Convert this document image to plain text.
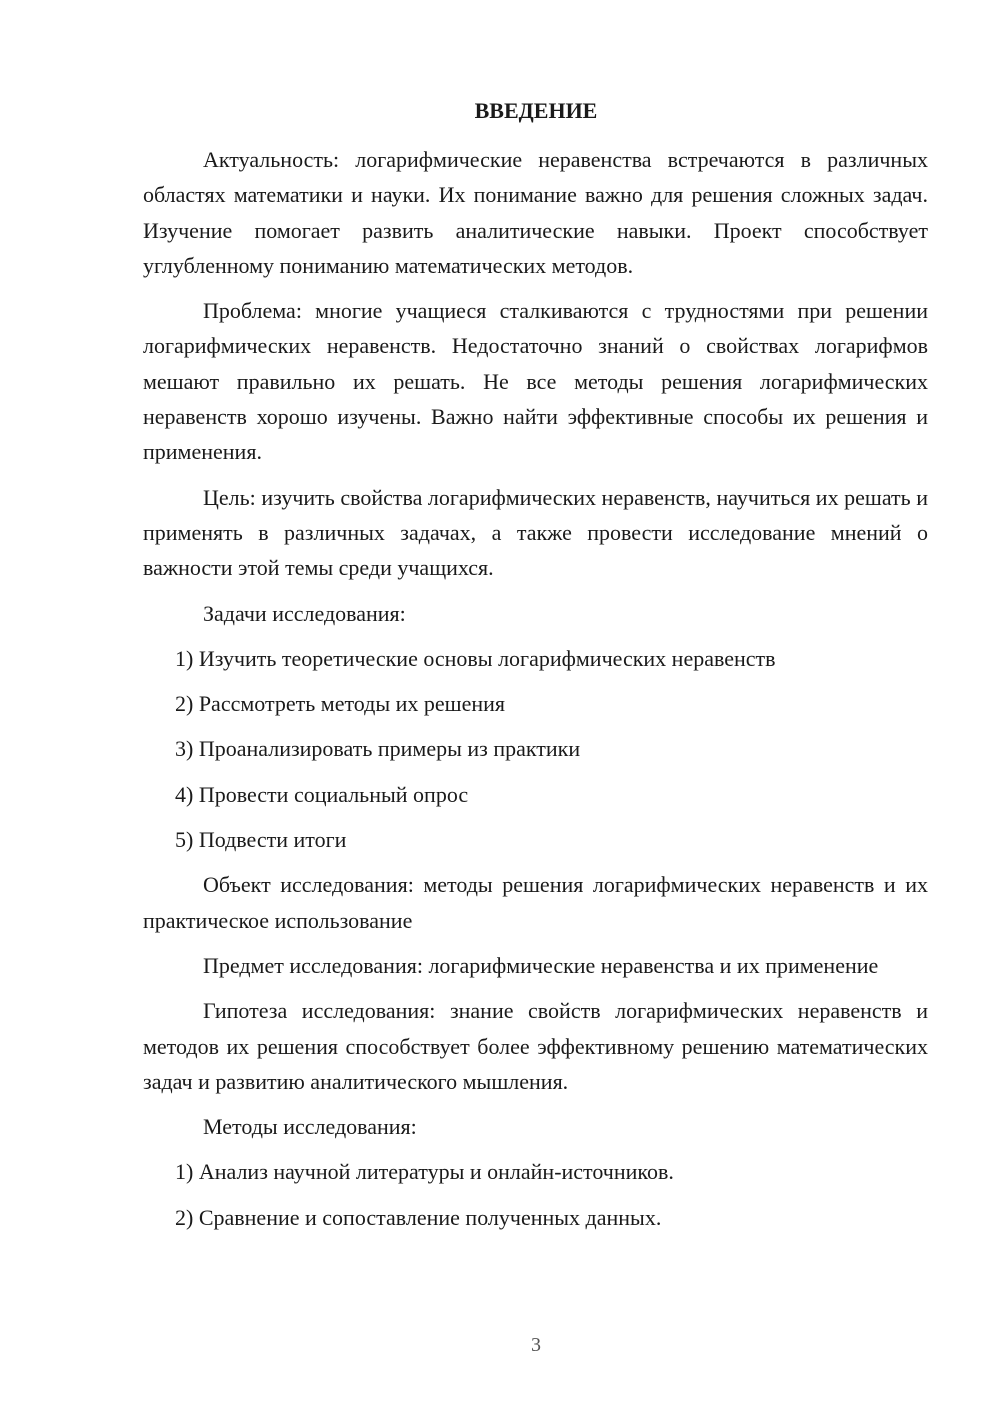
ВВЕДЕНИЕ

Актуальность: логарифмические неравенства встречаются в различных областях математики и науки. Их понимание важно для решения сложных задач. Изучение помогает развить аналитические навыки. Проект способствует углубленному пониманию математических методов.

Проблема: многие учащиеся сталкиваются с трудностями при решении логарифмических неравенств. Недостаточно знаний о свойствах логарифмов мешают правильно их решать. Не все методы решения логарифмических неравенств хорошо изучены. Важно найти эффективные способы их решения и применения.

Цель: изучить свойства логарифмических неравенств, научиться их решать и применять в различных задачах, а также провести исследование мнений о важности этой темы среди учащихся.

Задачи исследования:

1) Изучить теоретические основы логарифмических неравенств

2) Рассмотреть методы их решения

3) Проанализировать примеры из практики

4) Провести социальный опрос

5) Подвести итоги

Объект исследования: методы решения логарифмических неравенств и их практическое использование

Предмет исследования: логарифмические неравенства и их применение

Гипотеза исследования: знание свойств логарифмических неравенств и методов их решения способствует более эффективному решению математических задач и развитию аналитического мышления.

Методы исследования:

1) Анализ научной литературы и онлайн-источников.

2) Сравнение и сопоставление полученных данных.

3
